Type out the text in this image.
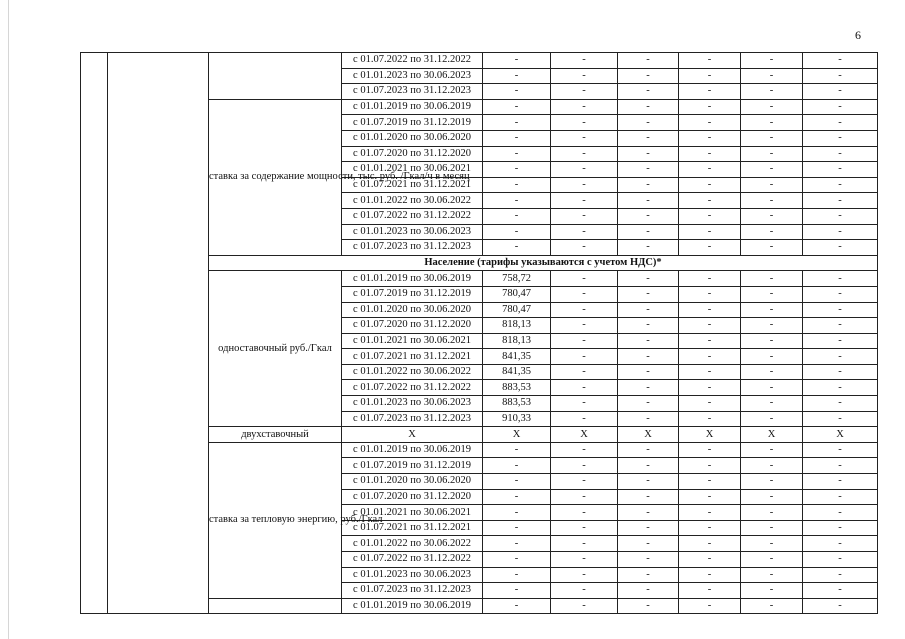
6
			с 01.07.2022 по 31.12.2022	-	-	-	-	-	-
			с 01.01.2023 по 30.06.2023	-	-	-	-	-	-
			с 01.07.2023 по 31.12.2023	-	-	-	-	-	-
		ставка за содержание мощности, тыс. руб. /Гкал/ч в месяц	с 01.01.2019 по 30.06.2019	-	-	-	-	-	-
			с 01.07.2019 по 31.12.2019	-	-	-	-	-	-
			с 01.01.2020 по 30.06.2020	-	-	-	-	-	-
			с 01.07.2020 по 31.12.2020	-	-	-	-	-	-
			с 01.01.2021 по 30.06.2021	-	-	-	-	-	-
			с 01.07.2021 по 31.12.2021	-	-	-	-	-	-
			с 01.01.2022 по 30.06.2022	-	-	-	-	-	-
			с 01.07.2022 по 31.12.2022	-	-	-	-	-	-
			с 01.01.2023 по 30.06.2023	-	-	-	-	-	-
			с 01.07.2023 по 31.12.2023	-	-	-	-	-	-
		Население (тарифы указываются с учетом НДС)*							
		одноставочный руб./Гкал	с 01.01.2019 по 30.06.2019	758,72	-	-	-	-	-
			с 01.07.2019 по 31.12.2019	780,47	-	-	-	-	-
			с 01.01.2020 по 30.06.2020	780,47	-	-	-	-	-
			с 01.07.2020 по 31.12.2020	818,13	-	-	-	-	-
			с 01.01.2021 по 30.06.2021	818,13	-	-	-	-	-
			с 01.07.2021 по 31.12.2021	841,35	-	-	-	-	-
			с 01.01.2022 по 30.06.2022	841,35	-	-	-	-	-
			с 01.07.2022 по 31.12.2022	883,53	-	-	-	-	-
			с 01.01.2023 по 30.06.2023	883,53	-	-	-	-	-
			с 01.07.2023 по 31.12.2023	910,33	-	-	-	-	-
		двухставочный	X	X	X	X	X	X	X
		ставка за тепловую энергию, руб./Гкал	с 01.01.2019 по 30.06.2019	-	-	-	-	-	-
			с 01.07.2019 по 31.12.2019	-	-	-	-	-	-
			с 01.01.2020 по 30.06.2020	-	-	-	-	-	-
			с 01.07.2020 по 31.12.2020	-	-	-	-	-	-
			с 01.01.2021 по 30.06.2021	-	-	-	-	-	-
			с 01.07.2021 по 31.12.2021	-	-	-	-	-	-
			с 01.01.2022 по 30.06.2022	-	-	-	-	-	-
			с 01.07.2022 по 31.12.2022	-	-	-	-	-	-
			с 01.01.2023 по 30.06.2023	-	-	-	-	-	-
			с 01.07.2023 по 31.12.2023	-	-	-	-	-	-
			с 01.01.2019 по 30.06.2019	-	-	-	-	-	-
